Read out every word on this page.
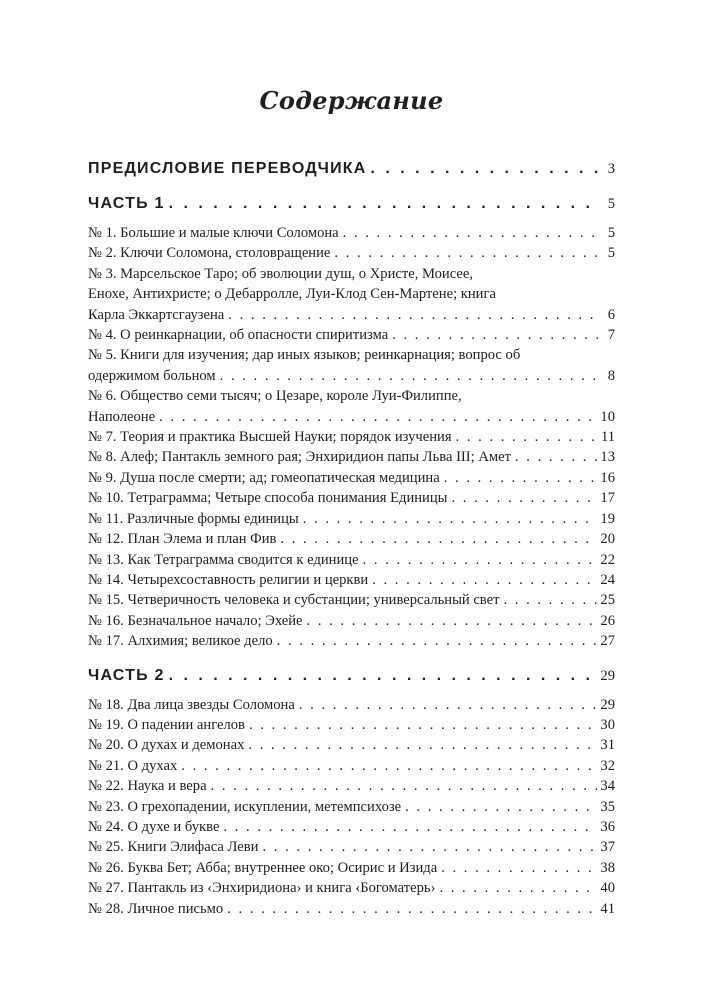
Содержание
ПРЕДИСЛОВИЕ ПЕРЕВОДЧИКА . . .	3
ЧАСТЬ 1 . . .	5
№ 1. Большие и малые ключи Соломона . . .	5
№ 2. Ключи Соломона, столовращение . . .	5
№ 3. Марсельское Таро; об эволюции душ, о Христе, Моисее,
Енохе, Антихристе; о Дебарролле, Луи-Клод Сен-Мартене; книга
Карла Эккартсгаузена . . .	6
№ 4. О реинкарнации, об опасности спиритизма . . .	7
№ 5. Книги для изучения; дар иных языков; реинкарнация; вопрос об
одержимом больном . . .	8
№ 6. Общество семи тысяч; о Цезаре, короле Луи-Филиппе,
Наполеоне . . .	10
№ 7. Теория и практика Высшей Науки; порядок изучения . . .	11
№ 8. Алеф; Пантакль земного рая; Энхиридион папы Льва III; Амет . . .	13
№ 9. Душа после смерти; ад; гомеопатическая медицина . . .	16
№ 10. Тетраграмма; Четыре способа понимания Единицы . . .	17
№ 11. Различные формы единицы . . .	19
№ 12. План Элема и план Фив . . .	20
№ 13. Как Тетраграмма сводится к единице . . .	22
№ 14. Четырехсоставность религии и церкви . . .	24
№ 15. Четверичность человека и субстанции; универсальный свет . . .	25
№ 16. Безначальное начало; Эхейе . . .	26
№ 17. Алхимия; великое дело . . .	27
ЧАСТЬ 2 . . .	29
№ 18. Два лица звезды Соломона . . .	29
№ 19. О падении ангелов . . .	30
№ 20. О духах и демонах . . .	31
№ 21. О духах . . .	32
№ 22. Наука и вера . . .	34
№ 23. О грехопадении, искуплении, метемпсихозе . . .	35
№ 24. О духе и букве . . .	36
№ 25. Книги Элифаса Леви . . .	37
№ 26. Буква Бет; Абба; внутреннее око; Осирис и Изида . . .	38
№ 27. Пантакль из ‹Энхиридиона› и книга ‹Богоматерь› . . .	40
№ 28. Личное письмо . . .	41
